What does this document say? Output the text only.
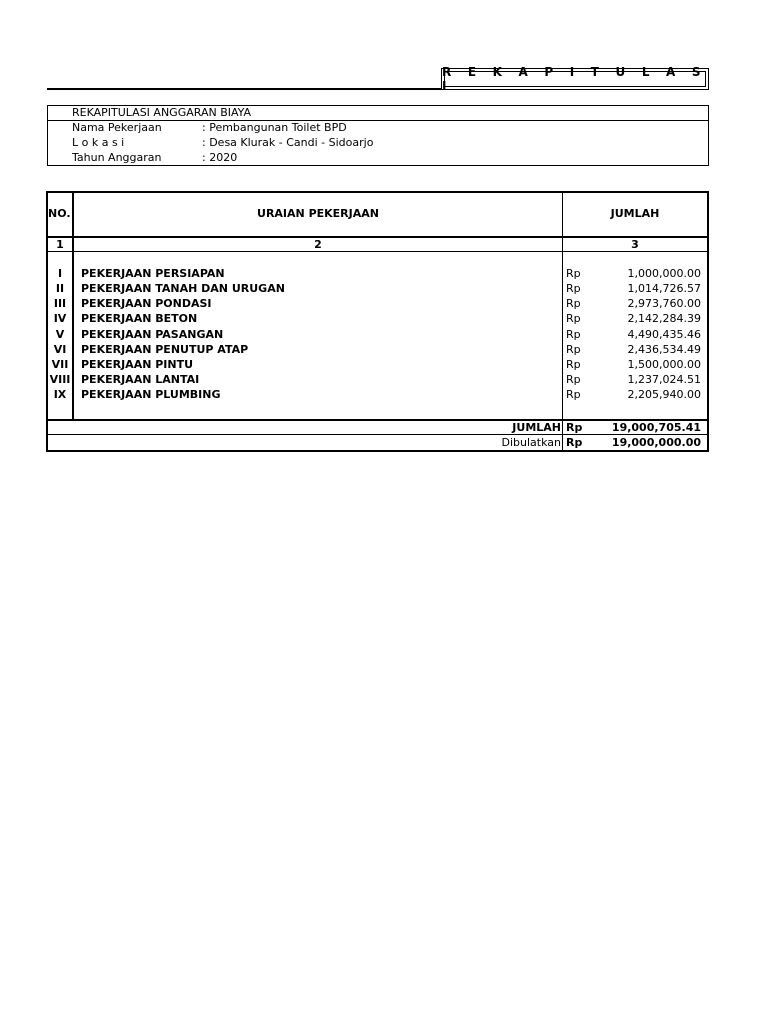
R E K A P I T U L A S I
REKAPITULASI ANGGARAN BIAYA
Nama Pekerjaan	: Pembangunan Toilet BPD
L o k a s i	: Desa Klurak - Candi - Sidoarjo
Tahun Anggaran	: 2020
NO.	URAIAN PEKERJAAN	JUMLAH
1	2	3
I	PEKERJAAN PERSIAPAN	Rp	1,000,000.00
II	PEKERJAAN TANAH DAN URUGAN	Rp	1,014,726.57
III	PEKERJAAN PONDASI	Rp	2,973,760.00
IV	PEKERJAAN BETON	Rp	2,142,284.39
V	PEKERJAAN PASANGAN	Rp	4,490,435.46
VI	PEKERJAAN PENUTUP ATAP	Rp	2,436,534.49
VII	PEKERJAAN PINTU	Rp	1,500,000.00
VIII PEKERJAAN LANTAI	Rp	1,237,024.51
IX	PEKERJAAN PLUMBING	Rp	2,205,940.00
JUMLAH Rp	19,000,705.41
Dibulatkan Rp	19,000,000.00
